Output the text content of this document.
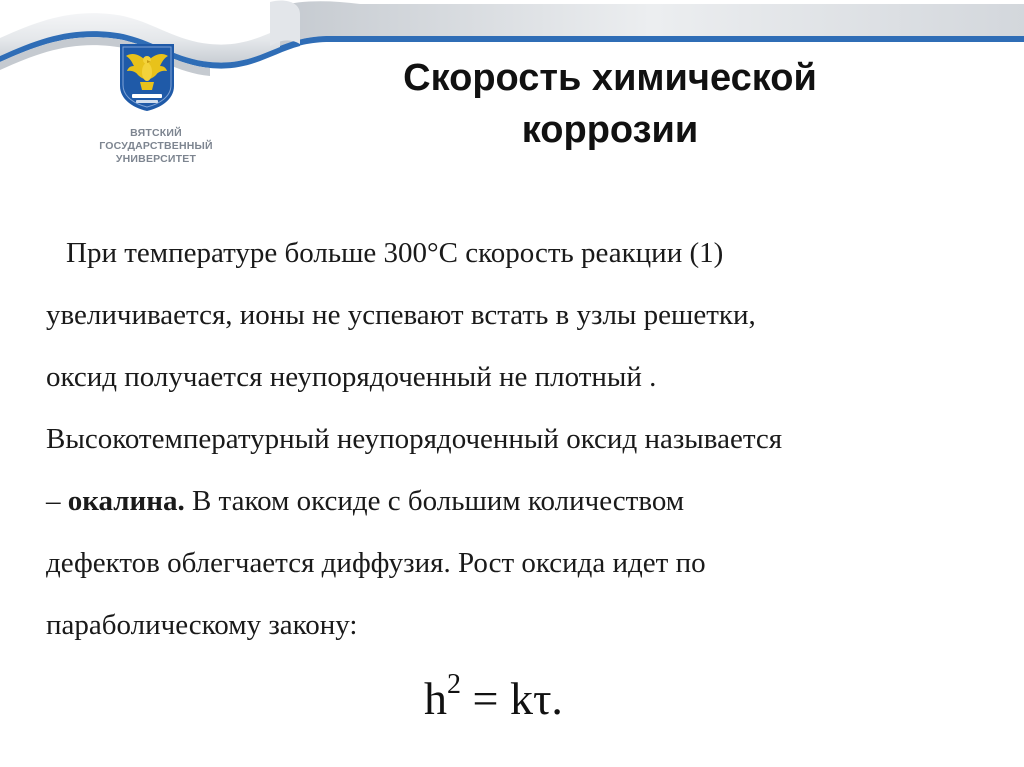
ВЯТСКИЙ
ГОСУДАРСТВЕННЫЙ
УНИВЕРСИТЕТ
Скорость химической
коррозии
При температуре больше 300°С скорость реакции (1)
увеличивается, ионы не успевают встать в узлы решетки,
оксид получается неупорядоченный не плотный .
Высокотемпературный неупорядоченный оксид называется
– окалина. В таком оксиде с большим количеством
дефектов облегчается диффузия. Рост оксида идет по
параболическому закону:
$h^2 = k\tau$.
